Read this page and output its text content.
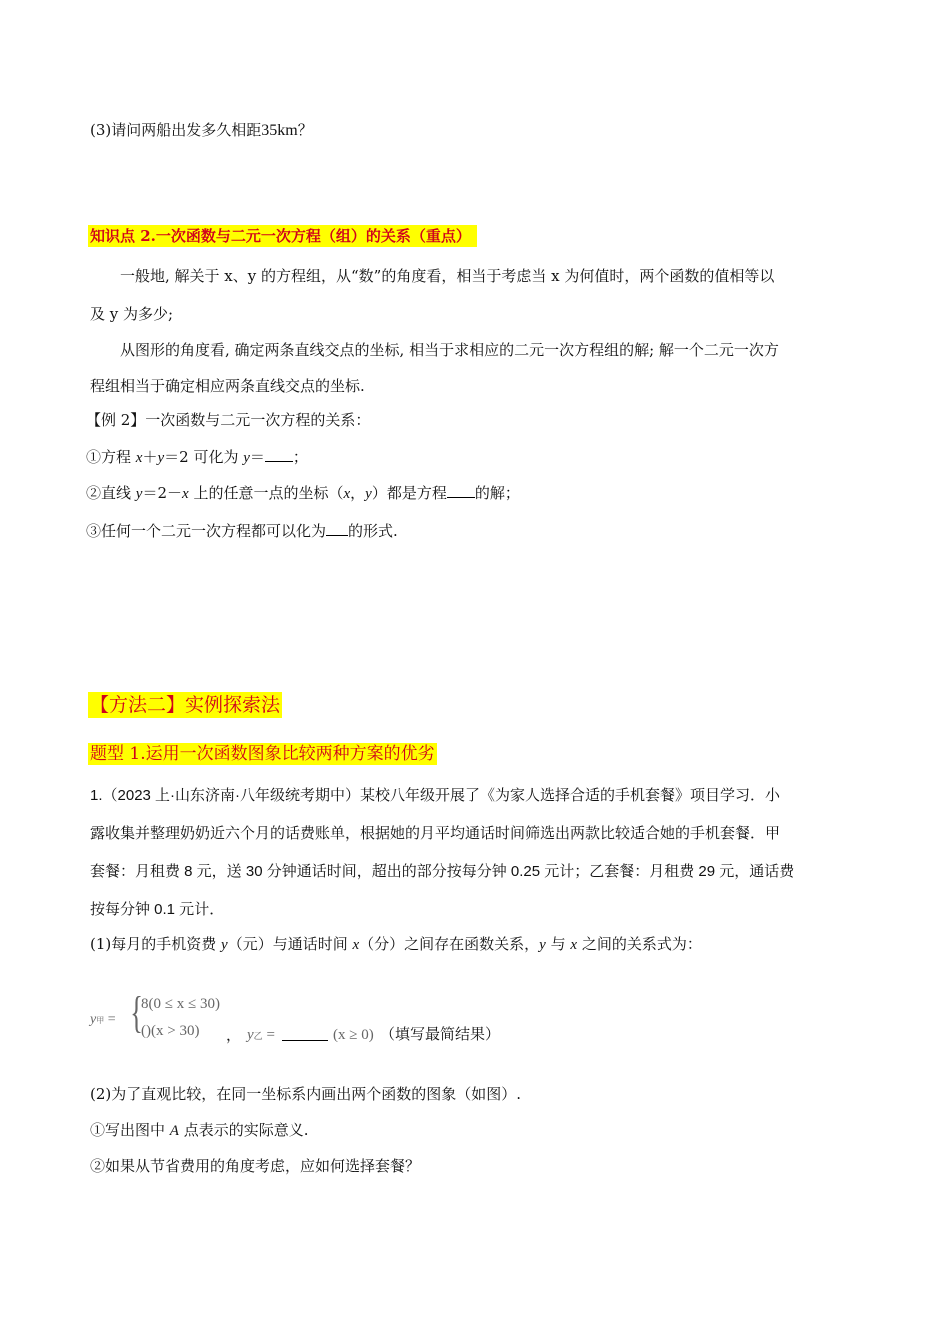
(3)请问两船出发多久相距35km？
知识点 2.一次函数与二元一次方程（组）的关系（重点）
一般地, 解关于 x、y 的方程组，从“数”的角度看，相当于考虑当 x 为何值时，两个函数的值相等以
及 y 为多少;
从图形的角度看, 确定两条直线交点的坐标, 相当于求相应的二元一次方程组的解; 解一个二元一次方
程组相当于确定相应两条直线交点的坐标.
【例 2】一次函数与二元一次方程的关系：
①方程 x＋y＝2 可化为 y＝ ；
②直线 y＝2－x 上的任意一点的坐标（x，y）都是方程 的解；
③任何一个二元一次方程都可以化为 的形式.
【方法二】实例探索法
题型 1.运用一次函数图象比较两种方案的优劣
1.（2023 上·山东济南·八年级统考期中）某校八年级开展了《为家人选择合适的手机套餐》项目学习．小
露收集并整理奶奶近六个月的话费账单，根据她的月平均通话时间筛选出两款比较适合她的手机套餐．甲
套餐：月租费 8 元，送 30 分钟通话时间，超出的部分按每分钟 0.25 元计；乙套餐：月租费 29 元，通话费
按每分钟 0.1 元计．
(1)每月的手机资费 y（元）与通话时间 x（分）之间存在函数关系，y 与 x 之间的关系式为：
y甲 = {
8(0 ≤ x ≤ 30)
()(x > 30) ， y乙 =	(x ≥ 0) （填写最简结果）
(2)为了直观比较，在同一坐标系内画出两个函数的图象（如图）.
①写出图中 A 点表示的实际意义.
②如果从节省费用的角度考虑，应如何选择套餐？
